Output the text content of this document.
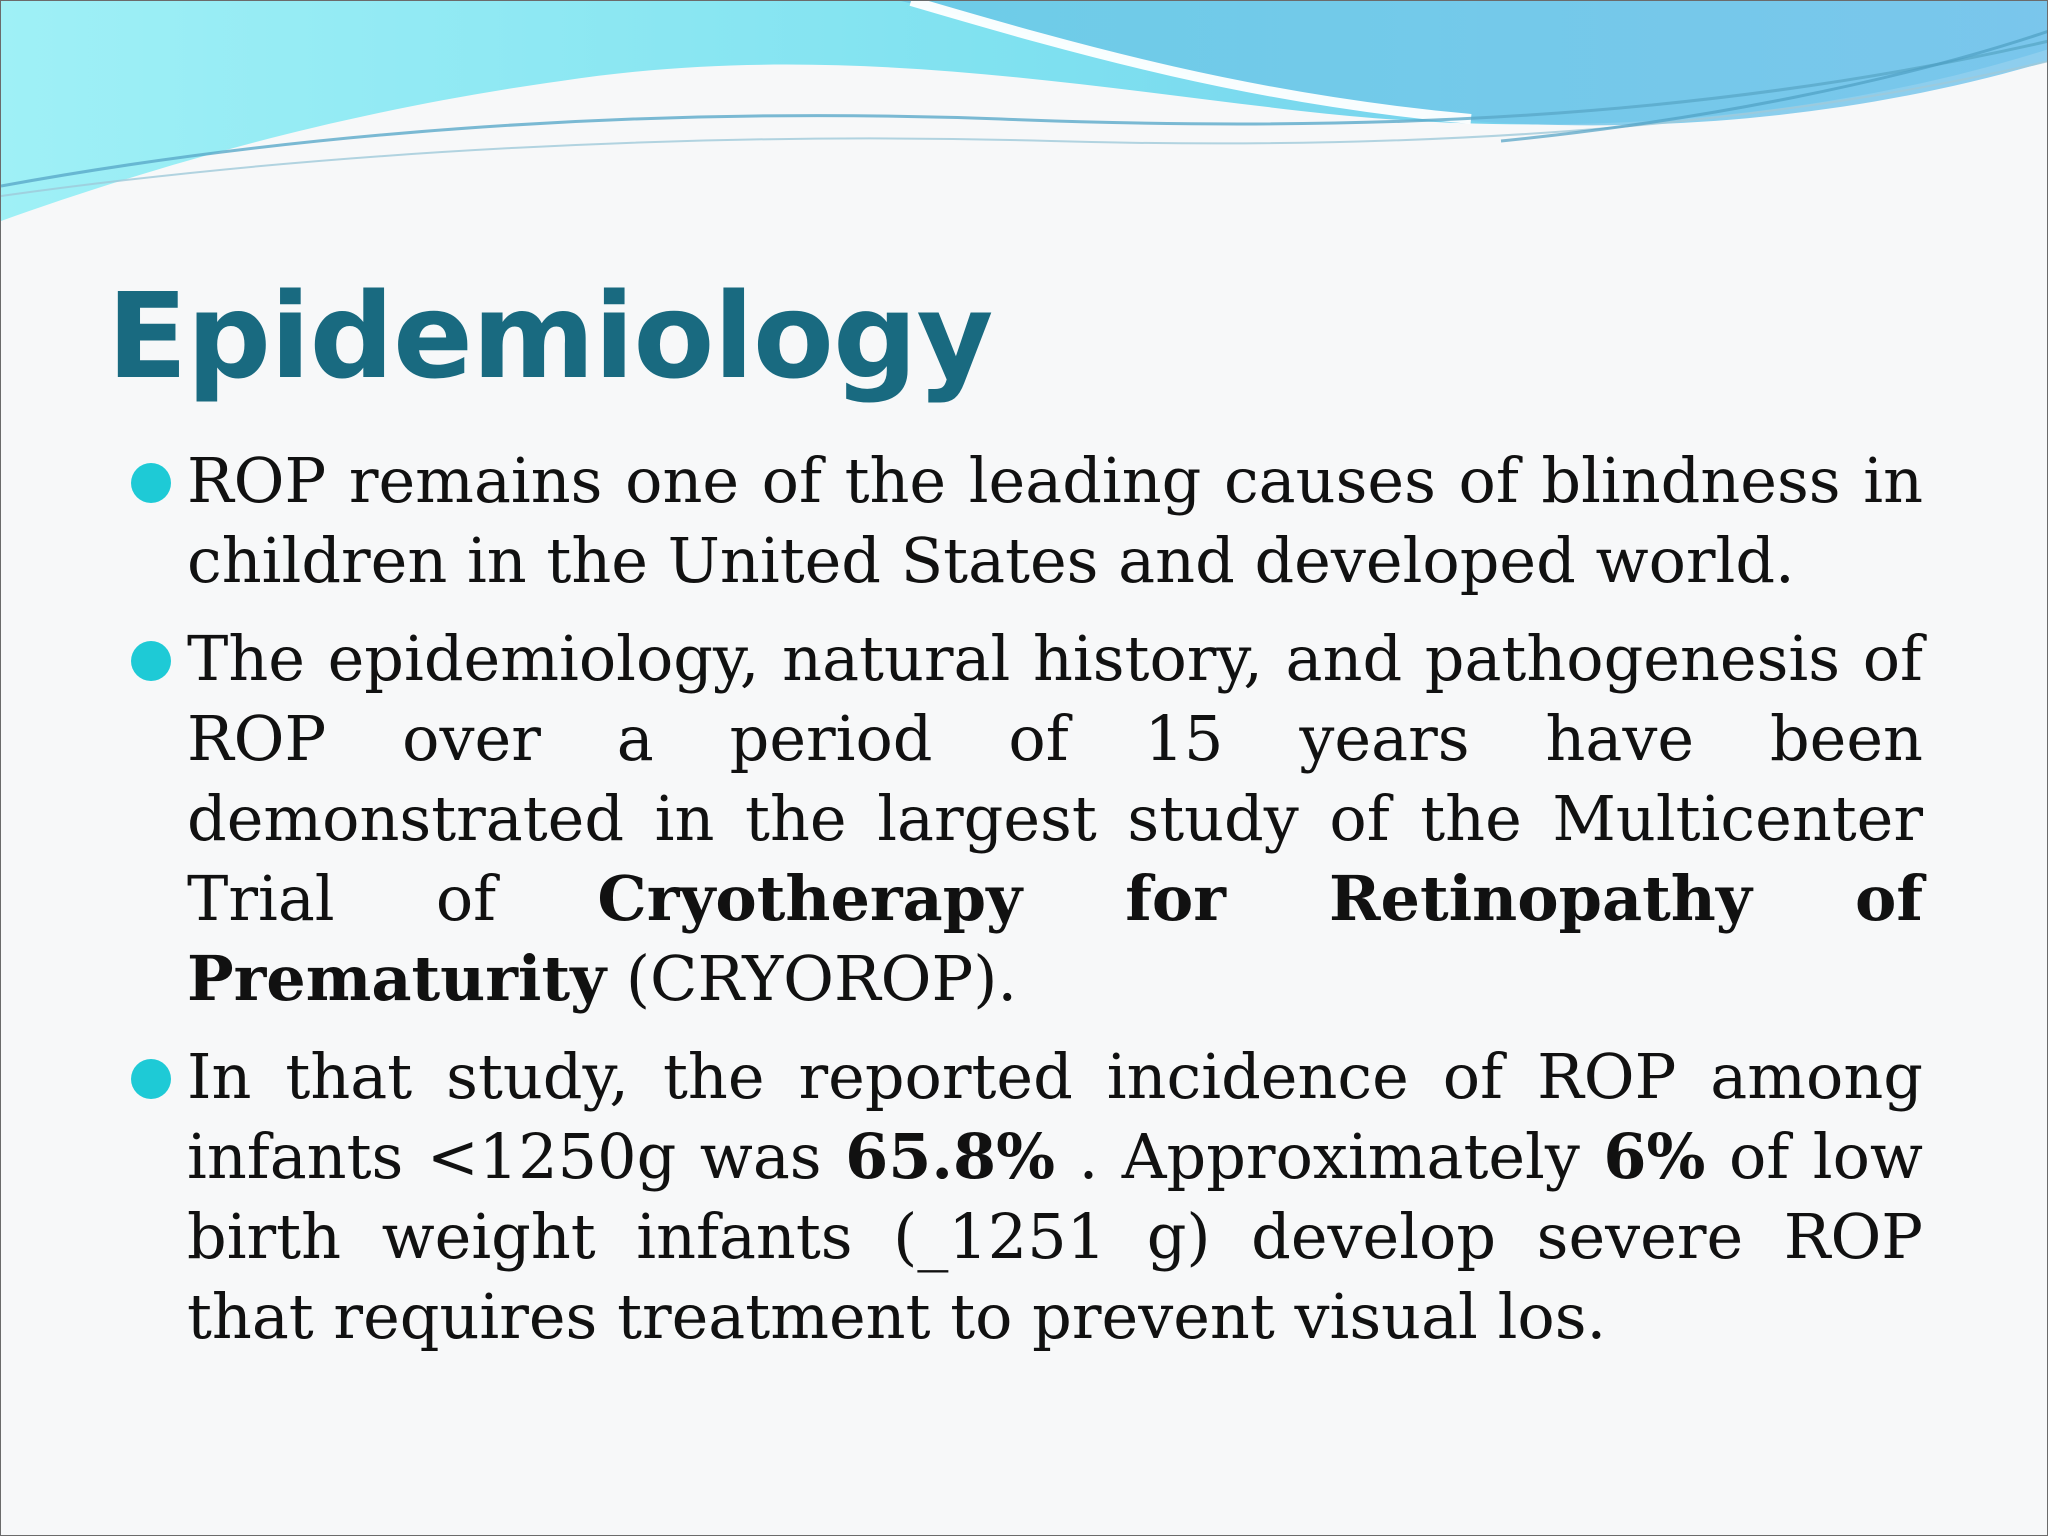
Epidemiology
ROP remains one of the leading causes of blindness in children in the United States and developed world.
The epidemiology, natural history, and pathogenesis of ROP over a period of 15 years have been demonstrated in the largest study of the Multicenter Trial of Cryotherapy for Retinopathy of Prematurity (CRYOROP).
In that study, the reported incidence of ROP among infants <1250g was 65.8% . Approximately 6% of low birth weight infants (_1251 g) develop severe ROP that requires treatment to prevent visual los.
